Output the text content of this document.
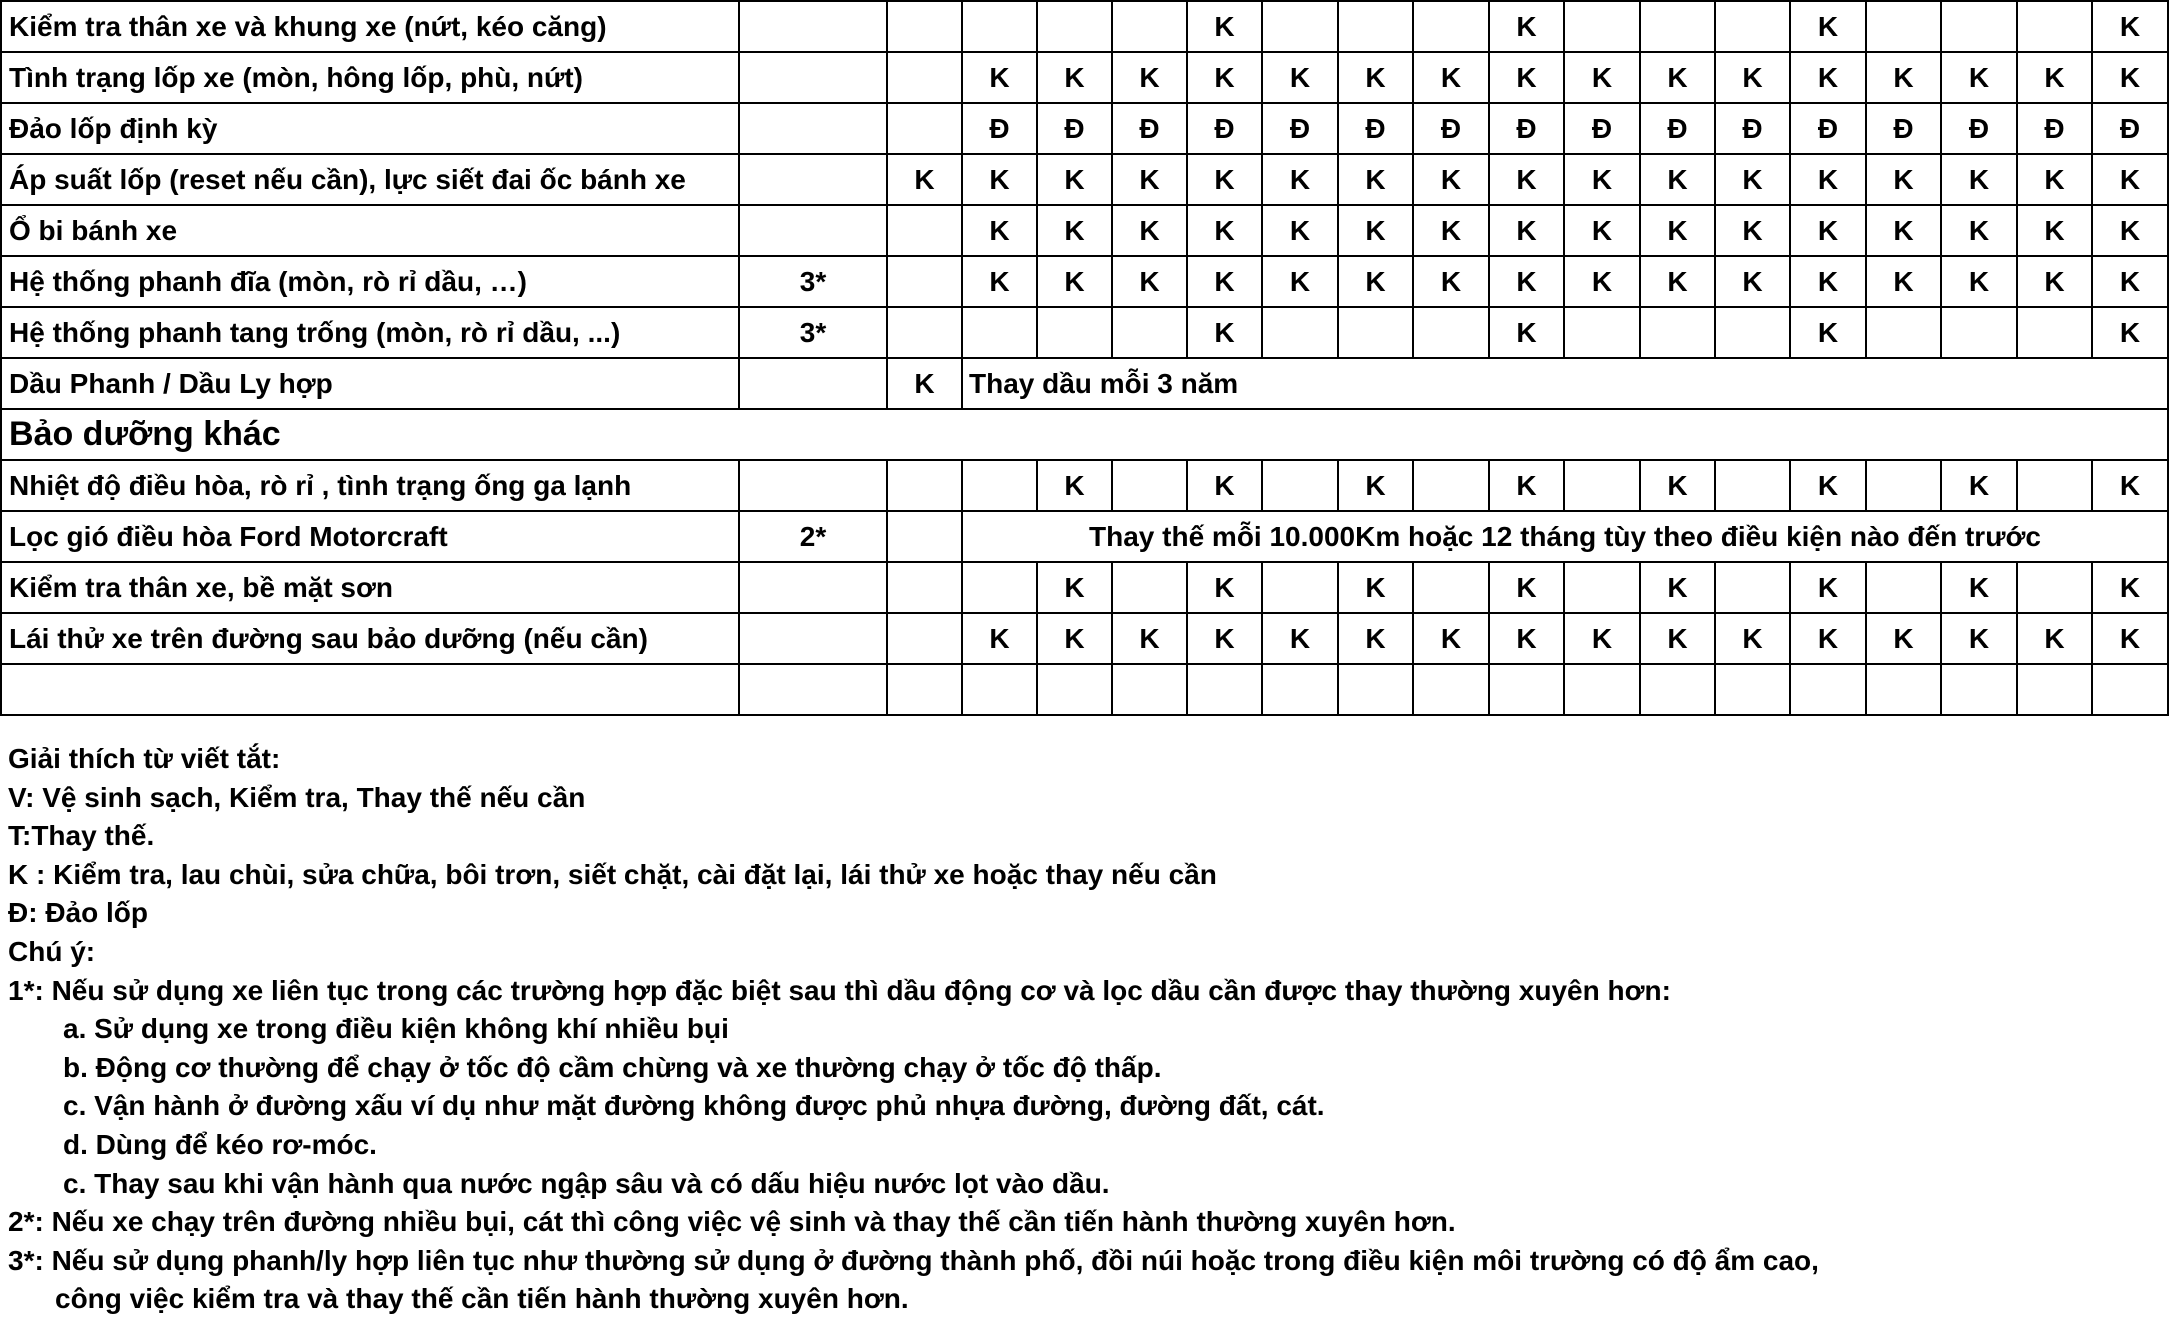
Kiểm tra thân xe và khung xe (nứt, kéo căng)						K				K				K				K
Tình trạng lốp xe (mòn, hông lốp, phù, nứt)			K	K	K	K	K	K	K	K	K	K	K	K	K	K	K	K
Đảo lốp định kỳ			Đ	Đ	Đ	Đ	Đ	Đ	Đ	Đ	Đ	Đ	Đ	Đ	Đ	Đ	Đ	Đ
Áp suất lốp (reset nếu cần), lực siết đai ốc bánh xe		K	K	K	K	K	K	K	K	K	K	K	K	K	K	K	K	K
Ổ bi bánh xe			K	K	K	K	K	K	K	K	K	K	K	K	K	K	K	K
Hệ thống phanh đĩa (mòn, rò rỉ dầu, …)	3*		K	K	K	K	K	K	K	K	K	K	K	K	K	K	K	K
Hệ thống phanh tang trống (mòn, rò rỉ dầu, ...)	3*					K				K				K				K
Dầu Phanh / Dầu Ly hợp		K	Thay dầu mỗi 3 năm															
Bảo dưỡng khác																		
Nhiệt độ điều hòa, rò rỉ , tình trạng ống ga lạnh				K		K		K		K		K		K		K		K
Lọc gió điều hòa Ford Motorcraft	2*		Thay thế mỗi 10.000Km hoặc 12 tháng tùy theo điều kiện nào đến trước															
Kiểm tra thân xe, bề mặt sơn				K		K		K		K		K		K		K		K
Lái thử xe trên đường sau bảo dưỡng (nếu cần)			K	K	K	K	K	K	K	K	K	K	K	K	K	K	K	K

Giải thích từ viết tắt:
V: Vệ sinh sạch, Kiểm tra, Thay thế nếu cần
T:Thay thế.
K : Kiểm tra, lau chùi, sửa chữa, bôi trơn, siết chặt, cài đặt lại, lái thử xe hoặc thay nếu cần
Đ: Đảo lốp
Chú ý:
1*: Nếu sử dụng xe liên tục trong các trường hợp đặc biệt sau thì dầu động cơ và lọc dầu cần được thay thường xuyên hơn:
a. Sử dụng xe trong điều kiện không khí nhiều bụi
b. Động cơ thường để chạy ở tốc độ cầm chừng và xe thường chạy ở tốc độ thấp.
c. Vận hành ở đường xấu ví dụ như mặt đường không được phủ nhựa đường, đường đất, cát.
d. Dùng để kéo rơ-móc.
c. Thay sau khi vận hành qua nước ngập sâu và có dấu hiệu nước lọt vào dầu.
2*: Nếu xe chạy trên đường nhiều bụi, cát thì công việc vệ sinh và thay thế cần tiến hành thường xuyên hơn.
3*: Nếu sử dụng phanh/ly hợp liên tục như thường sử dụng ở đường thành phố, đồi núi hoặc trong điều kiện môi trường có độ ẩm cao,
công việc kiểm tra và thay thế cần tiến hành thường xuyên hơn.
